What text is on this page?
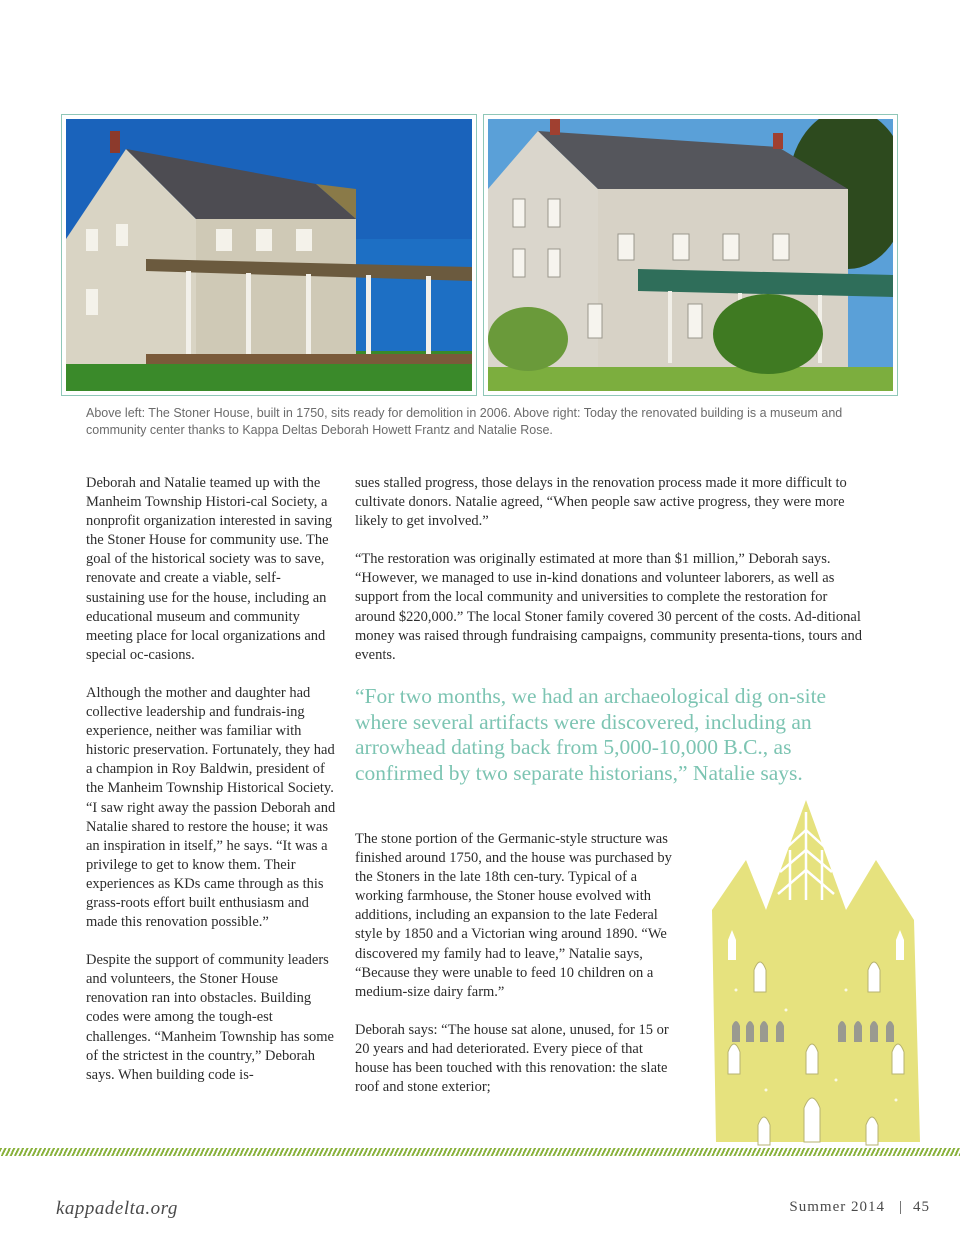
Above left: The Stoner House, built in 1750, sits ready for demolition in 2006. Above right: Today the renovated building is a museum and community center thanks to Kappa Deltas Deborah Howett Frantz and Natalie Rose.

Deborah and Natalie teamed up with the Manheim Township Histori-cal Society, a nonprofit organization interested in saving the Stoner House for community use. The goal of the historical society was to save, renovate and create a viable, self-sustaining use for the house, including an educational museum and community meeting place for local organizations and special oc-casions.

Although the mother and daughter had collective leadership and fundrais-ing experience, neither was familiar with historic preservation. Fortunately, they had a champion in Roy Baldwin, president of the Manheim Township Historical Society. “I saw right away the passion Deborah and Natalie shared to restore the house; it was an inspiration in itself,” he says. “It was a privilege to get to know them. Their experiences as KDs came through as this grass-roots effort built enthusiasm and made this renovation possible.”

Despite the support of community leaders and volunteers, the Stoner House renovation ran into obstacles. Building codes were among the tough-est challenges. “Manheim Township has some of the strictest in the country,” Deborah says. When building code is-

sues stalled progress, those delays in the renovation process made it more difficult to cultivate donors. Natalie agreed, “When people saw active progress, they were more likely to get involved.”

“The restoration was originally estimated at more than $1 million,” Deborah says. “However, we managed to use in-kind donations and volunteer laborers, as well as support from the local community and universities to complete the restoration for around $220,000.” The local Stoner family covered 30 percent of the costs. Ad-ditional money was raised through fundraising campaigns, community presenta-tions, tours and events.

“For two months, we had an archaeological dig on-site where several artifacts were discovered, including an arrowhead dating back from 5,000-10,000 B.C., as confirmed by two separate historians,” Natalie says.

The stone portion of the Germanic-style structure was finished around 1750, and the house was purchased by the Stoners in the late 18th cen-tury. Typical of a working farmhouse, the Stoner house evolved with additions, including an expansion to the late Federal style by 1850 and a Victorian wing around 1890. “We discovered my family had to leave,” Natalie says, “Because they were unable to feed 10 children on a medium-size dairy farm.”

Deborah says: “The house sat alone, unused, for 15 or 20 years and had deteriorated. Every piece of that house has been touched with this renovation: the slate roof and stone exterior;

kappadelta.org	Summer 2014 | 45
